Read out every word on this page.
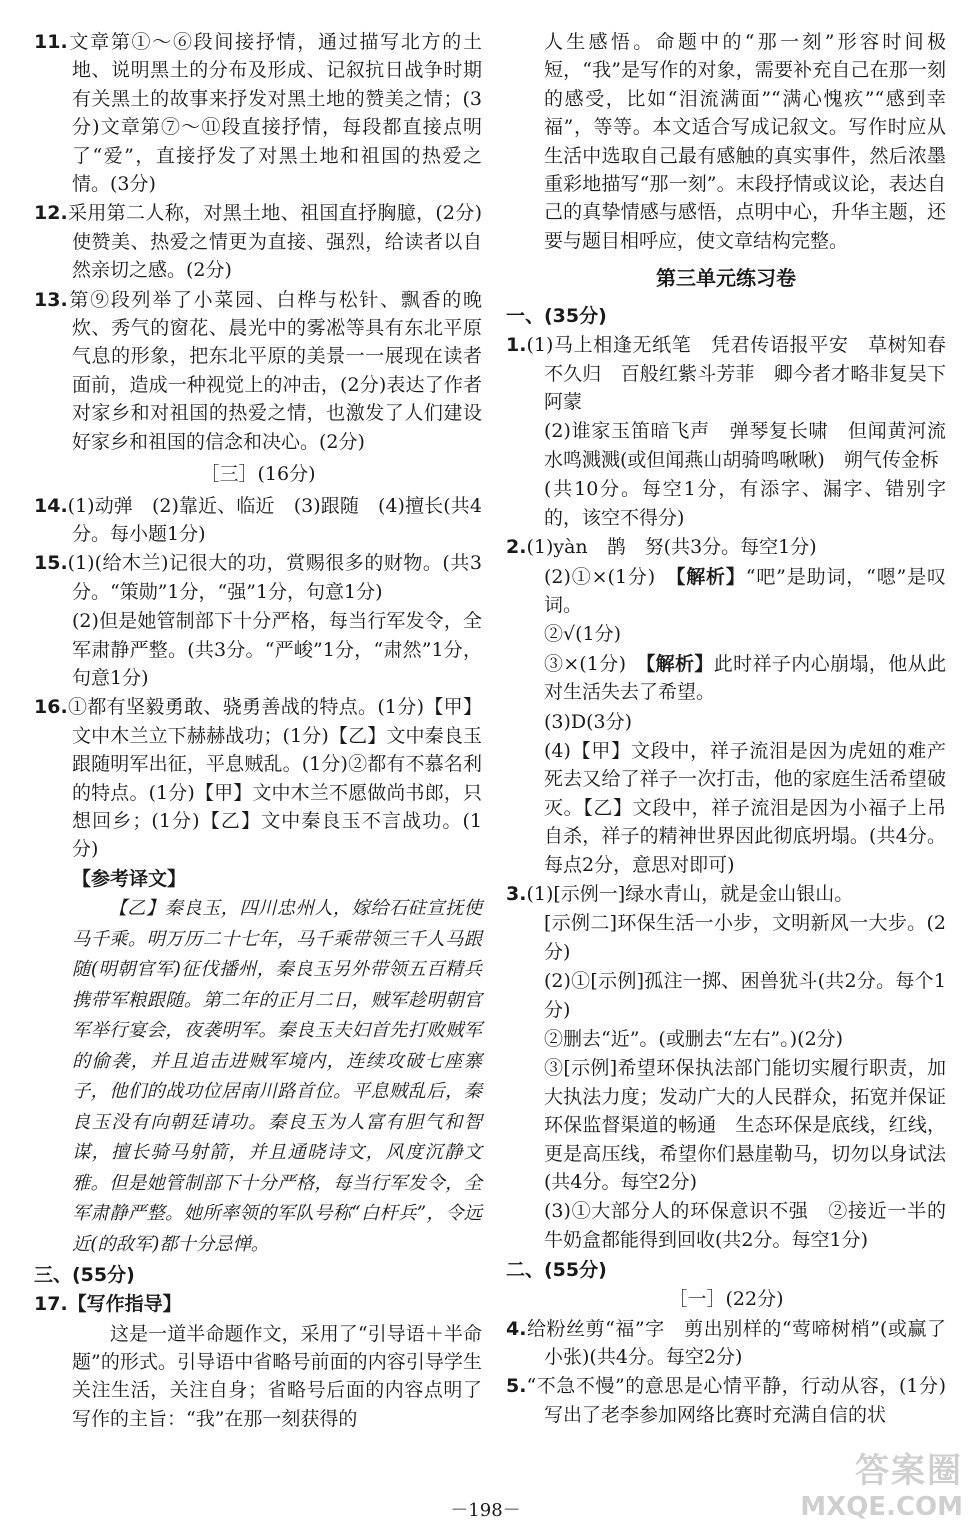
11.文章第①～⑥段间接抒情，通过描写北方的土地、说明黑土的分布及形成、记叙抗日战争时期有关黑土的故事来抒发对黑土地的赞美之情；(3分)文章第⑦～⑪段直接抒情，每段都直接点明了“爱”，直接抒发了对黑土地和祖国的热爱之情。(3分)
12.采用第二人称，对黑土地、祖国直抒胸臆，(2分)使赞美、热爱之情更为直接、强烈，给读者以自然亲切之感。(2分)
13.第⑨段列举了小菜园、白桦与松针、飘香的晚炊、秀气的窗花、晨光中的雾凇等具有东北平原气息的形象，把东北平原的美景一一展现在读者面前，造成一种视觉上的冲击，(2分)表达了作者对家乡和对祖国的热爱之情，也激发了人们建设好家乡和祖国的信念和决心。(2分)
［三］(16分)
14.(1)动弹　(2)靠近、临近　(3)跟随　(4)擅长(共4分。每小题1分)
15.(1)(给木兰)记很大的功，赏赐很多的财物。(共3分。“策勋”1分，“强”1分，句意1分)
(2)但是她管制部下十分严格，每当行军发令，全军肃静严整。(共3分。“严峻”1分，“肃然”1分，句意1分)
16.①都有坚毅勇敢、骁勇善战的特点。(1分)【甲】文中木兰立下赫赫战功；(1分)【乙】文中秦良玉跟随明军出征，平息贼乱。(1分)②都有不慕名利的特点。(1分)【甲】文中木兰不愿做尚书郎，只想回乡；(1分)【乙】文中秦良玉不言战功。(1分)
【参考译文】
【乙】秦良玉，四川忠州人，嫁给石砫宣抚使马千乘。明万历二十七年，马千乘带领三千人马跟随(明朝官军)征伐播州，秦良玉另外带领五百精兵携带军粮跟随。第二年的正月二日，贼军趁明朝官军举行宴会，夜袭明军。秦良玉夫妇首先打败贼军的偷袭，并且追击进贼军境内，连续攻破七座寨子，他们的战功位居南川路首位。平息贼乱后，秦良玉没有向朝廷请功。秦良玉为人富有胆气和智谋，擅长骑马射箭，并且通晓诗文，风度沉静文雅。但是她管制部下十分严格，每当行军发令，全军肃静严整。她所率领的军队号称“白杆兵”，令远近(的敌军)都十分忌惮。
三、(55分)
17.【写作指导】
这是一道半命题作文，采用了“引导语＋半命题”的形式。引导语中省略号前面的内容引导学生关注生活，关注自身；省略号后面的内容点明了写作的主旨：“我”在那一刻获得的
人生感悟。命题中的“那一刻”形容时间极短，“我”是写作的对象，需要补充自己在那一刻的感受，比如“泪流满面”“满心愧疚”“感到幸福”，等等。本文适合写成记叙文。写作时应从生活中选取自己最有感触的真实事件，然后浓墨重彩地描写“那一刻”。末段抒情或议论，表达自己的真挚情感与感悟，点明中心，升华主题，还要与题目相呼应，使文章结构完整。
第三单元练习卷
一、(35分)
1.(1)马上相逢无纸笔　凭君传语报平安　草树知春不久归　百般红紫斗芳菲　卿今者才略非复吴下阿蒙
(2)谁家玉笛暗飞声　弹琴复长啸　但闻黄河流水鸣溅溅(或但闻燕山胡骑鸣啾啾)　朔气传金柝
(共10分。每空1分，有添字、漏字、错别字的，该空不得分)
2.(1)yàn　鹊　努(共3分。每空1分)
(2)①×(1分)　【解析】“吧”是助词，“嗯”是叹词。
②√(1分)
③×(1分)　【解析】此时祥子内心崩塌，他从此对生活失去了希望。
(3)D(3分)
(4)【甲】文段中，祥子流泪是因为虎妞的难产死去又给了祥子一次打击，他的家庭生活希望破灭。【乙】文段中，祥子流泪是因为小福子上吊自杀，祥子的精神世界因此彻底坍塌。(共4分。每点2分，意思对即可)
3.(1)[示例一]绿水青山，就是金山银山。
[示例二]环保生活一小步，文明新风一大步。(2分)
(2)①[示例]孤注一掷、困兽犹斗(共2分。每个1分)
②删去“近”。(或删去“左右”。)(2分)
③[示例]希望环保执法部门能切实履行职责，加大执法力度；发动广大的人民群众，拓宽并保证环保监督渠道的畅通　生态环保是底线，红线，更是高压线，希望你们悬崖勒马，切勿以身试法(共4分。每空2分)
(3)①大部分人的环保意识不强　②接近一半的牛奶盒都能得到回收(共2分。每空1分)
二、(55分)
［一］(22分)
4.给粉丝剪“福”字　剪出别样的“莺啼树梢”(或赢了小张)(共4分。每空2分)
5.“不急不慢”的意思是心情平静，行动从容，(1分)写出了老李参加网络比赛时充满自信的状
－198－
答案圈
MXQE.COM
